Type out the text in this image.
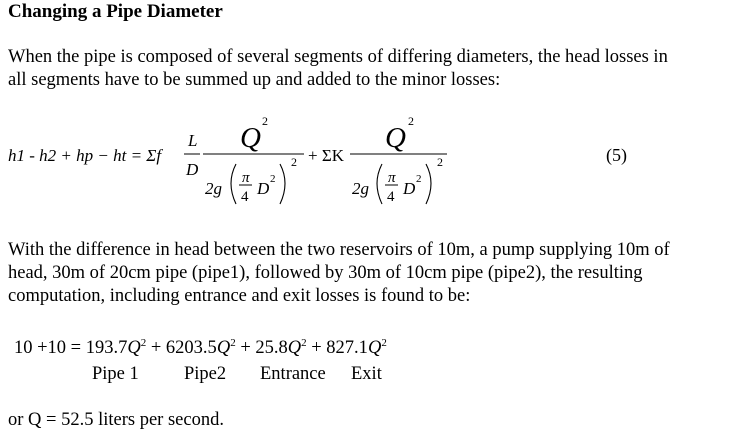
Changing a Pipe Diameter
When the pipe is composed of several segments of differing diameters, the head losses in
all segments have to be summed up and added to the minor losses:
h1 - h2 + hp − ht = Σf
L
D
Q
2
2g
π
4 D 2
2 + ΣK
Q
2
2g
π
4 D 2
2	(5)
With the difference in head between the two reservoirs of 10m, a pump supplying 10m of
head, 30m of 20cm pipe (pipe1), followed by 30m of 10cm pipe (pipe2), the resulting
computation, including entrance and exit losses is found to be:
$10 +10 = 193.7Q^2 + 6203.5Q^2 + 25.8Q^2 + 827.1Q^2$
Pipe 1 Pipe2 Entrance Exit
or Q = 52.5 liters per second.
